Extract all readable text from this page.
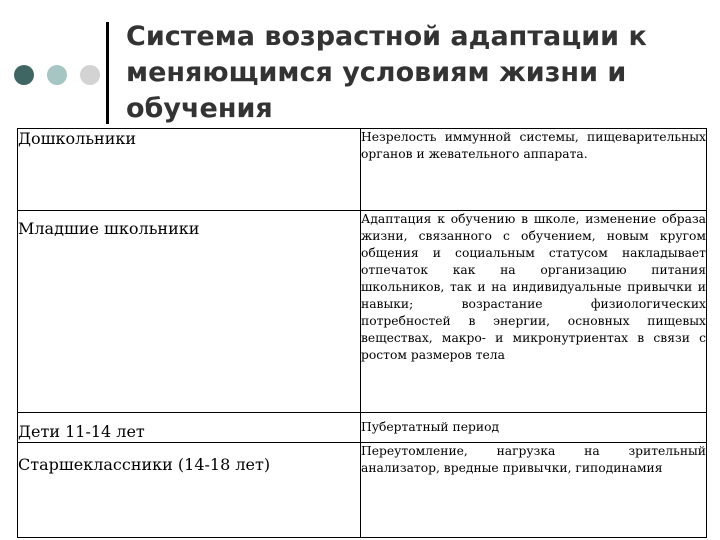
Система возрастной адаптации к меняющимся условиям жизни и обучения
Дошкольники	Незрелость иммунной системы, пищеварительных органов и жевательного аппарата.
Младшие школьники	Адаптация к обучению в школе, изменение образа жизни, связанного с обучением, новым кругом общения и социальным статусом накладывает отпечаток как на организацию питания школьников, так и на индивидуальные привычки и навыки; возрастание физиологических потребностей в энергии, основных пищевых веществах, макро- и микронутриентах в связи с ростом размеров тела
Дети 11-14 лет	Пубертатный период
Старшеклассники (14-18 лет)	Переутомление, нагрузка на зрительный анализатор, вредные привычки, гиподинамия
